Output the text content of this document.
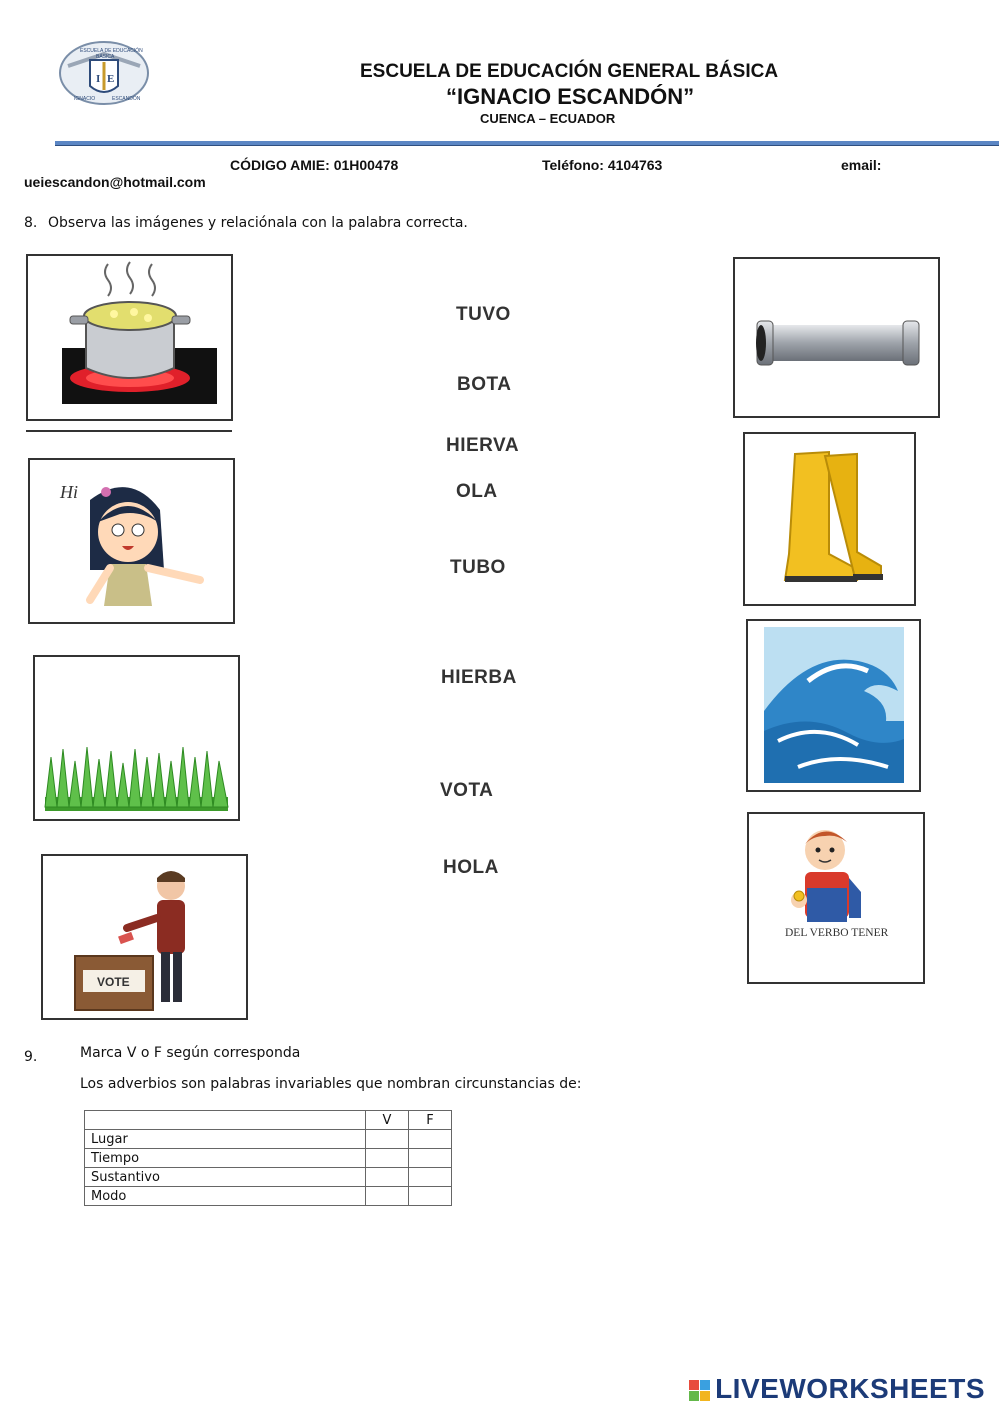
I E
ESCUELA DE EDUCACIÓN
BÁSICA
IGNACIO	ESCANDÓN
ESCUELA DE EDUCACIÓN GENERAL BÁSICA
“IGNACIO ESCANDÓN”
CUENCA – ECUADOR
CÓDIGO AMIE: 01H00478	Teléfono: 4104763	email:
ueiescandon@hotmail.com
8. Observa las imágenes y relaciónala con la palabra correcta.
Hi
VOTE
TUVO
BOTA
HIERVA
OLA
TUBO
HIERBA
VOTA
HOLA
DEL VERBO TENER
9.	Marca V o F según corresponda
Los adverbios son palabras invariables que nombran circunstancias de:
	V	F
Lugar		
Tiempo		
Sustantivo		
Modo		
LIVEWORKSHEETS
